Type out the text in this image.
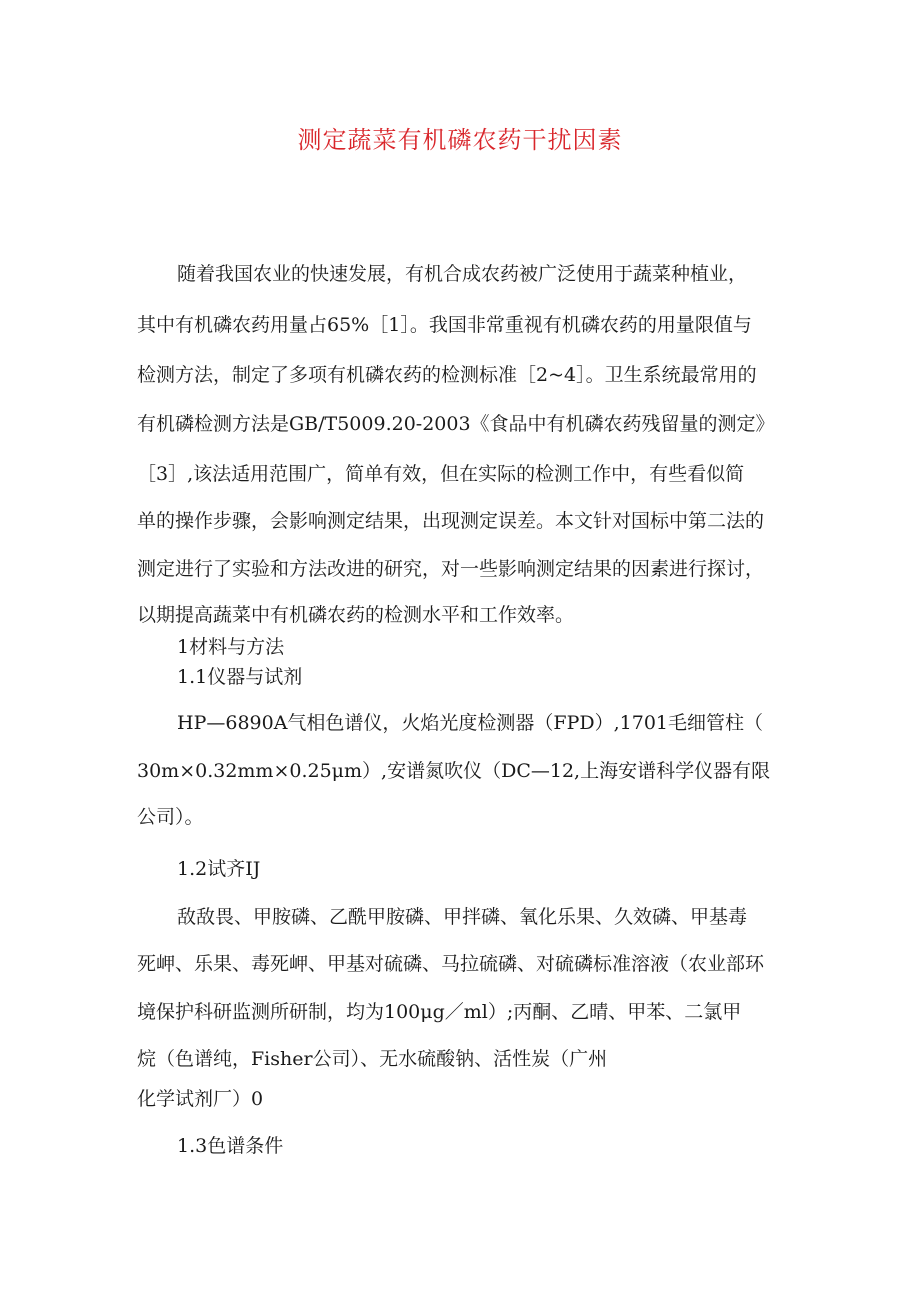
测定蔬菜有机磷农药干扰因素
随着我国农业的快速发展，有机合成农药被广泛使用于蔬菜种植业，
其中有机磷农药用量占65%［1］。我国非常重视有机磷农药的用量限值与
检测方法，制定了多项有机磷农药的检测标准［2~4］。卫生系统最常用的
有机磷检测方法是GB/T5009.20-2003《食品中有机磷农药残留量的测定》
［3］,该法适用范围广，简单有效，但在实际的检测工作中，有些看似简
单的操作步骤，会影响测定结果，出现测定误差。本文针对国标中第二法的
测定进行了实验和方法改进的研究，对一些影响测定结果的因素进行探讨，
以期提高蔬菜中有机磷农药的检测水平和工作效率。
1材料与方法
1.1仪器与试剂
HP—6890A气相色谱仪，火焰光度检测器（FPD）,1701毛细管柱（
30m×0.32mm×0.25μm）,安谱氮吹仪（DC—12,上海安谱科学仪器有限
公司）。
1.2试齐IJ
敌敌畏、甲胺磷、乙酰甲胺磷、甲拌磷、氧化乐果、久效磷、甲基毒
死岬、乐果、毒死岬、甲基对硫磷、马拉硫磷、对硫磷标准溶液（农业部环
境保护科研监测所研制，均为100μg／ml）;丙酮、乙晴、甲苯、二氯甲
烷（色谱纯，Fisher公司）、无水硫酸钠、活性炭（广州
化学试剂厂）0
1.3色谱条件
